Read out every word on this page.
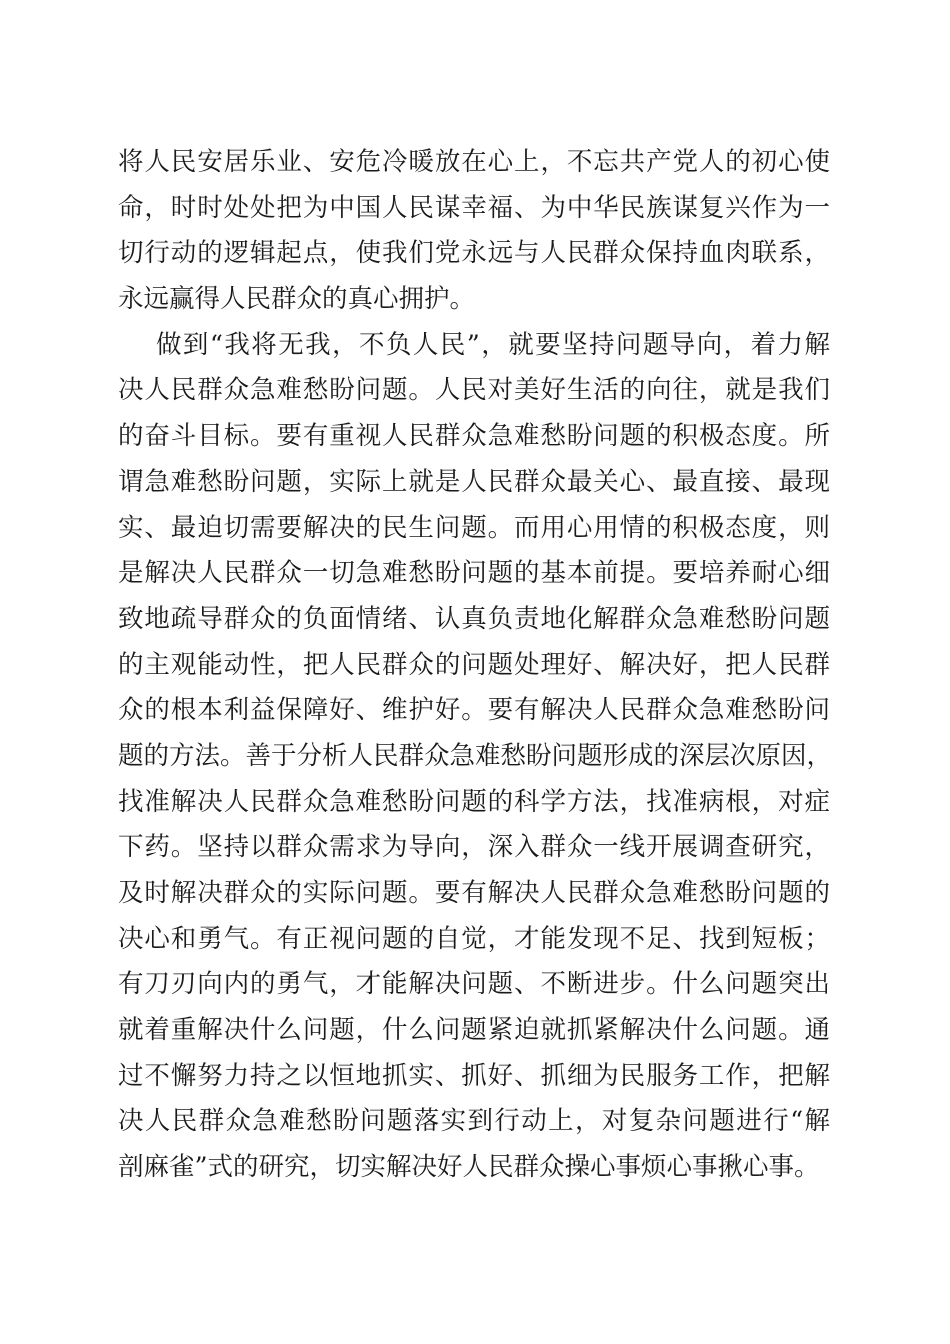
将人民安居乐业、安危冷暖放在心上，不忘共产党人的初心使
命，时时处处把为中国人民谋幸福、为中华民族谋复兴作为一
切行动的逻辑起点，使我们党永远与人民群众保持血肉联系，
永远赢得人民群众的真心拥护。
做到“我将无我，不负人民”，就要坚持问题导向，着力解
决人民群众急难愁盼问题。人民对美好生活的向往，就是我们
的奋斗目标。要有重视人民群众急难愁盼问题的积极态度。所
谓急难愁盼问题，实际上就是人民群众最关心、最直接、最现
实、最迫切需要解决的民生问题。而用心用情的积极态度，则
是解决人民群众一切急难愁盼问题的基本前提。要培养耐心细
致地疏导群众的负面情绪、认真负责地化解群众急难愁盼问题
的主观能动性，把人民群众的问题处理好、解决好，把人民群
众的根本利益保障好、维护好。要有解决人民群众急难愁盼问
题的方法。善于分析人民群众急难愁盼问题形成的深层次原因，
找准解决人民群众急难愁盼问题的科学方法，找准病根，对症
下药。坚持以群众需求为导向，深入群众一线开展调查研究，
及时解决群众的实际问题。要有解决人民群众急难愁盼问题的
决心和勇气。有正视问题的自觉，才能发现不足、找到短板；
有刀刃向内的勇气，才能解决问题、不断进步。什么问题突出
就着重解决什么问题，什么问题紧迫就抓紧解决什么问题。通
过不懈努力持之以恒地抓实、抓好、抓细为民服务工作，把解
决人民群众急难愁盼问题落实到行动上，对复杂问题进行“解
剖麻雀”式的研究，切实解决好人民群众操心事烦心事揪心事。
